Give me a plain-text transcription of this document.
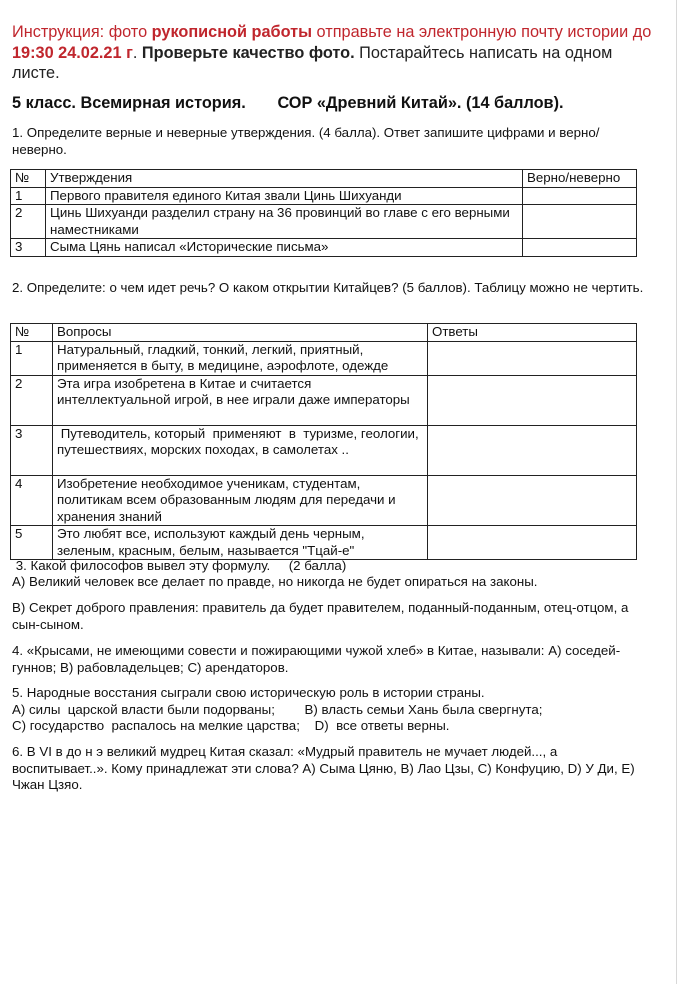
Инструкция: фото рукописной работы отправьте на электронную почту истории до 19:30 24.02.21 г. Проверьте качество фото. Постарайтесь написать на одном листе.
5 класс. Всемирная история.       СОР «Древний Китай». (14 баллов).
1. Определите верные и неверные утверждения. (4 балла). Ответ запишите цифрами и верно/неверно.
№	Утверждения	Верно/неверно
1	Первого правителя единого Китая звали Цинь Шихуанди	
2	Цинь Шихуанди разделил страну на 36 провинций во главе с его верными наместниками	
3	Сыма Цянь написал «Исторические письма»	
2. Определите: о чем идет речь? О каком открытии Китайцев? (5 баллов). Таблицу можно не чертить.
№	Вопросы	Ответы
1	Натуральный, гладкий, тонкий, легкий, приятный, применяется в быту, в медицине, аэрофлоте, одежде	
2	Эта игра изобретена в Китае и считается интеллектуальной игрой, в нее играли даже императоры	
3	Путеводитель, который  применяют  в  туризме, геологии, путешествиях, морских походах, в самолетах ..	
4	Изобретение необходимое ученикам, студентам, политикам всем образованным людям для передачи и хранения знаний	
5	Это любят все, используют каждый день черным, зеленым, красным, белым, называется "Тцай-е"	
3. Какой философов вывел эту формулу.     (2 балла)
А) Великий человек все делает по правде, но никогда не будет опираться на законы.
В) Секрет доброго правления: правитель да будет правителем, поданный-поданным, отец-отцом, а сын-сыном.
4. «Крысами, не имеющими совести и пожирающими чужой хлеб» в Китае, называли: А) соседей-гуннов; В) рабовладельцев; С) арендаторов.
5. Народные восстания сыграли свою историческую роль в истории страны.
А) силы  царской власти были подорваны;        В) власть семьи Хань была свергнута;
С) государство  распалось на мелкие царства;    D)  все ответы верны.
6. В VI в до н э великий мудрец Китая сказал: «Мудрый правитель не мучает людей..., а воспитывает..». Кому принадлежат эти слова? А) Сыма Цяню, В) Лао Цзы, С) Конфуцию, D) У Ди, E) Чжан Цзяо.
